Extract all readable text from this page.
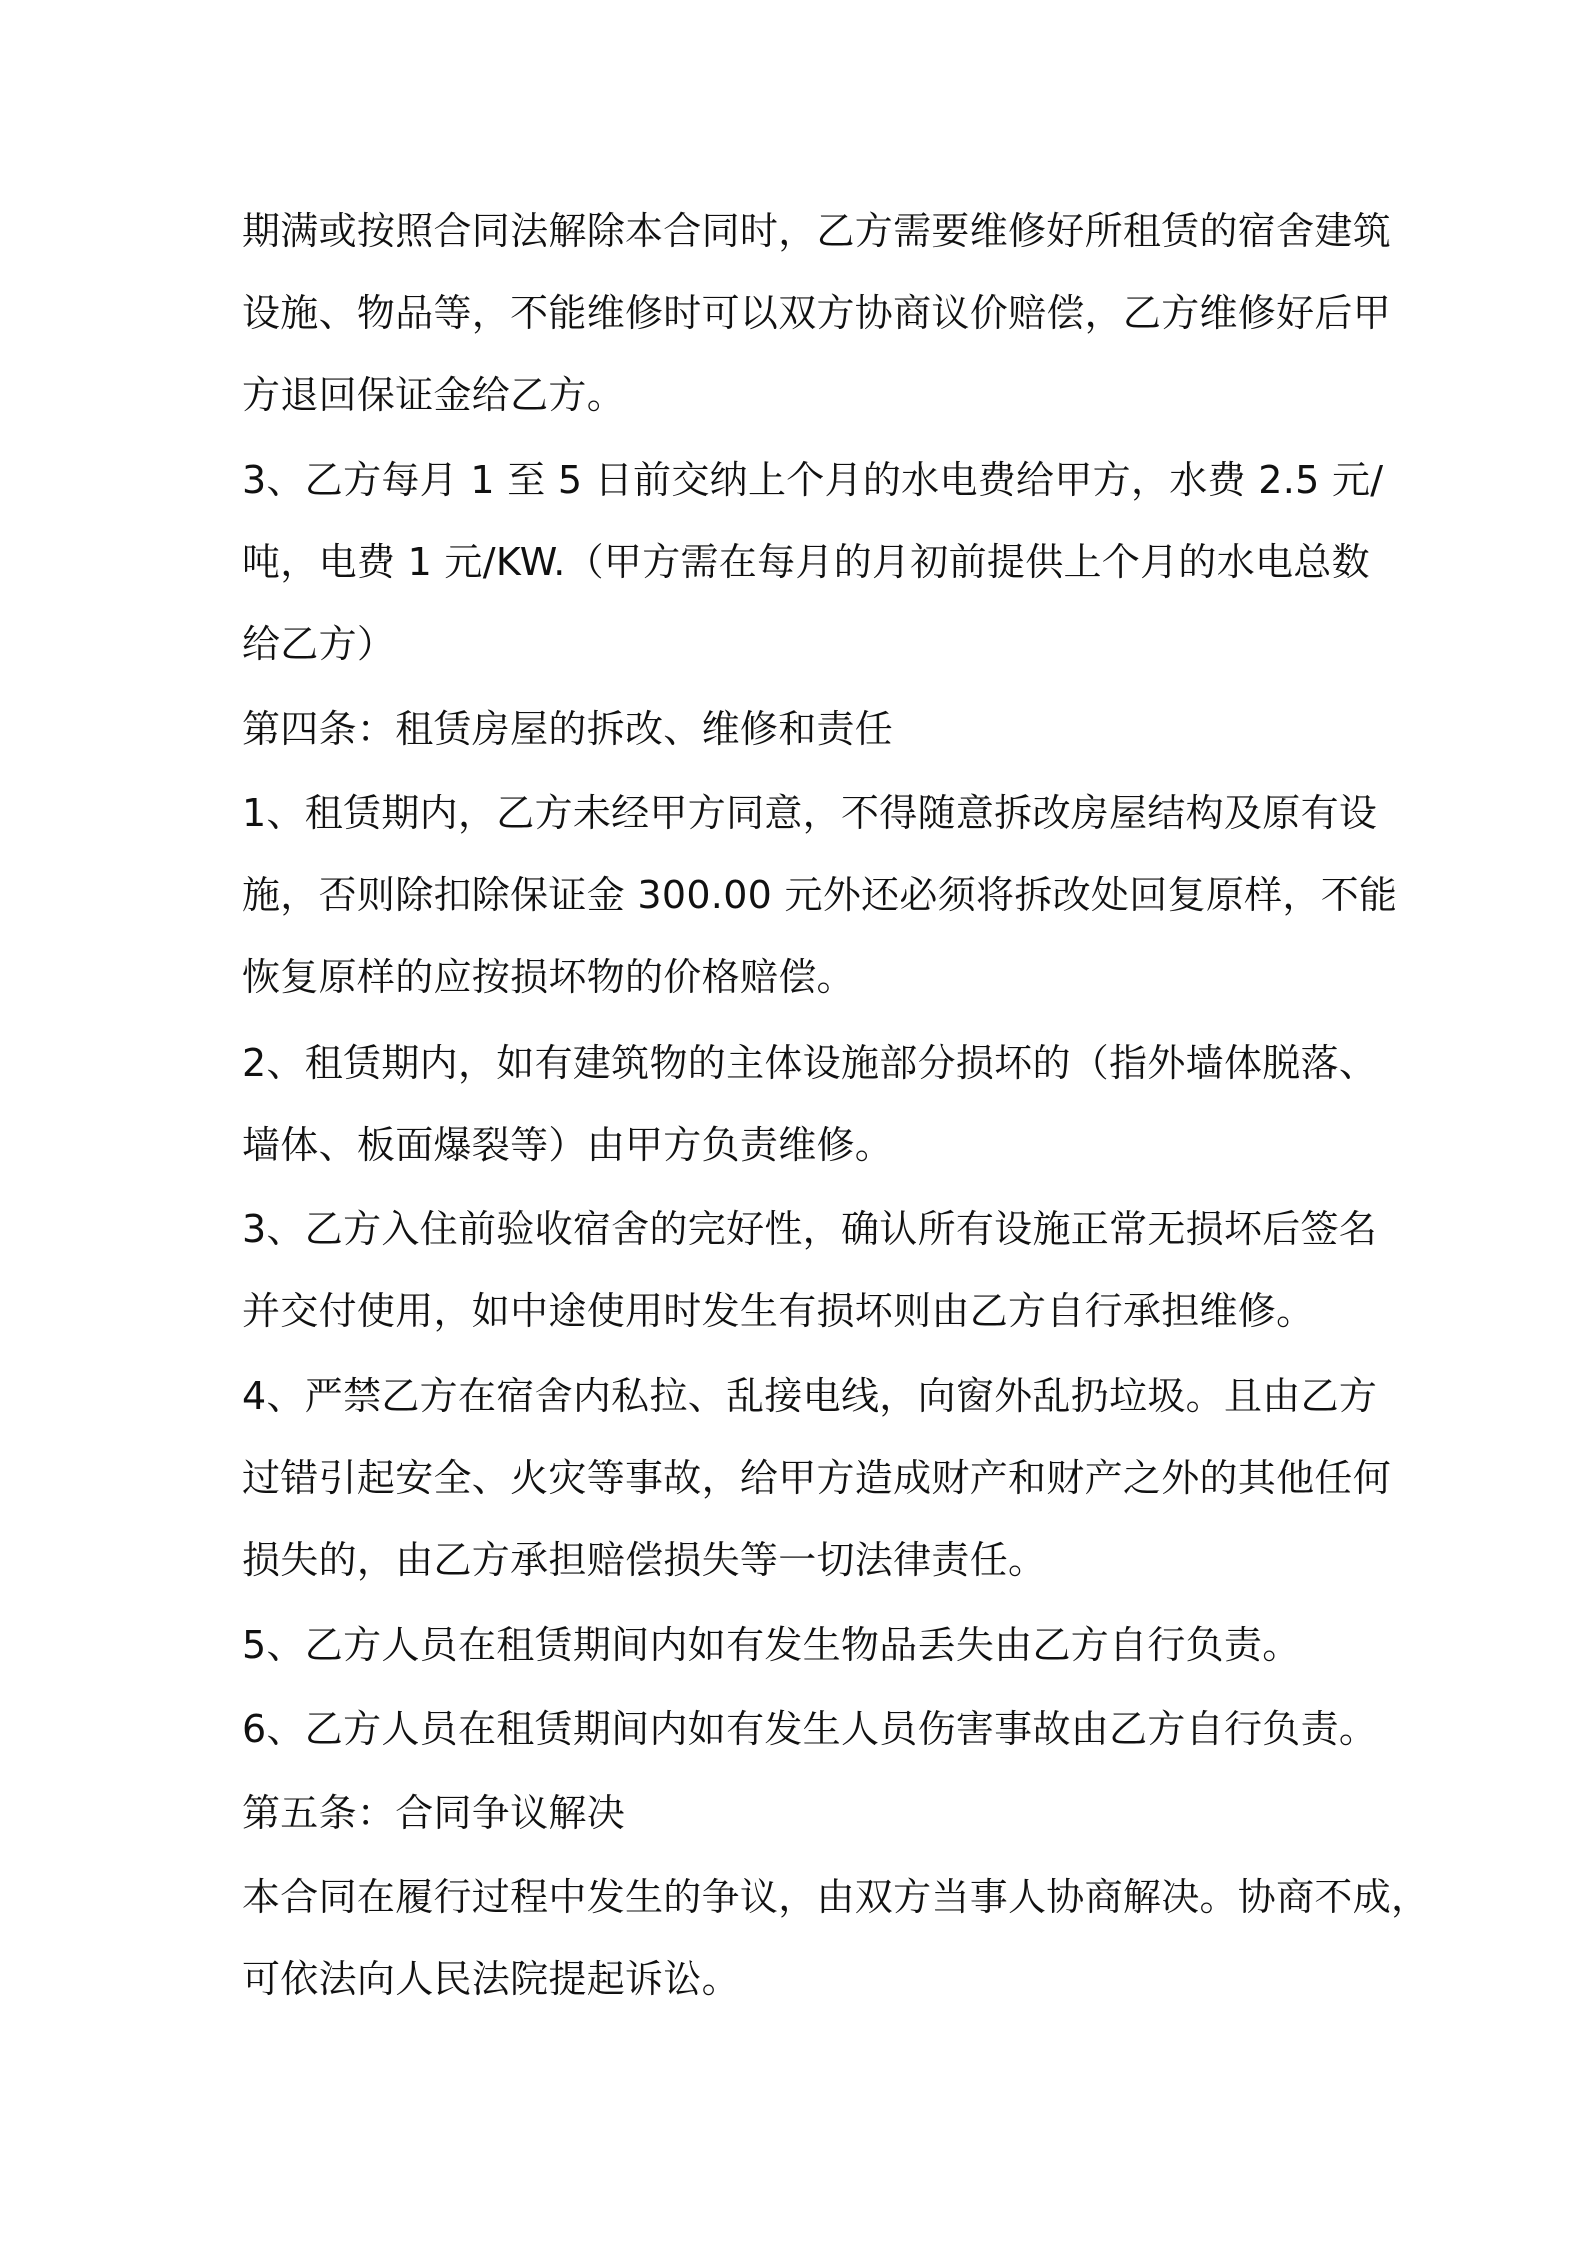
期满或按照合同法解除本合同时，乙方需要维修好所租赁的宿舍建筑
设施、物品等，不能维修时可以双方协商议价赔偿，乙方维修好后甲
方退回保证金给乙方。
3、乙方每月 1 至 5 日前交纳上个月的水电费给甲方，水费 2.5 元/
吨，电费 1 元/KW.（甲方需在每月的月初前提供上个月的水电总数
给乙方）
第四条：租赁房屋的拆改、维修和责任
1、租赁期内，乙方未经甲方同意，不得随意拆改房屋结构及原有设
施，否则除扣除保证金 300.00 元外还必须将拆改处回复原样，不能
恢复原样的应按损坏物的价格赔偿。
2、租赁期内，如有建筑物的主体设施部分损坏的（指外墙体脱落、
墙体、板面爆裂等）由甲方负责维修。
3、乙方入住前验收宿舍的完好性，确认所有设施正常无损坏后签名
并交付使用，如中途使用时发生有损坏则由乙方自行承担维修。
4、严禁乙方在宿舍内私拉、乱接电线，向窗外乱扔垃圾。且由乙方
过错引起安全、火灾等事故，给甲方造成财产和财产之外的其他任何
损失的，由乙方承担赔偿损失等一切法律责任。
5、乙方人员在租赁期间内如有发生物品丢失由乙方自行负责。
6、乙方人员在租赁期间内如有发生人员伤害事故由乙方自行负责。
第五条：合同争议解决
本合同在履行过程中发生的争议，由双方当事人协商解决。协商不成，
可依法向人民法院提起诉讼。
